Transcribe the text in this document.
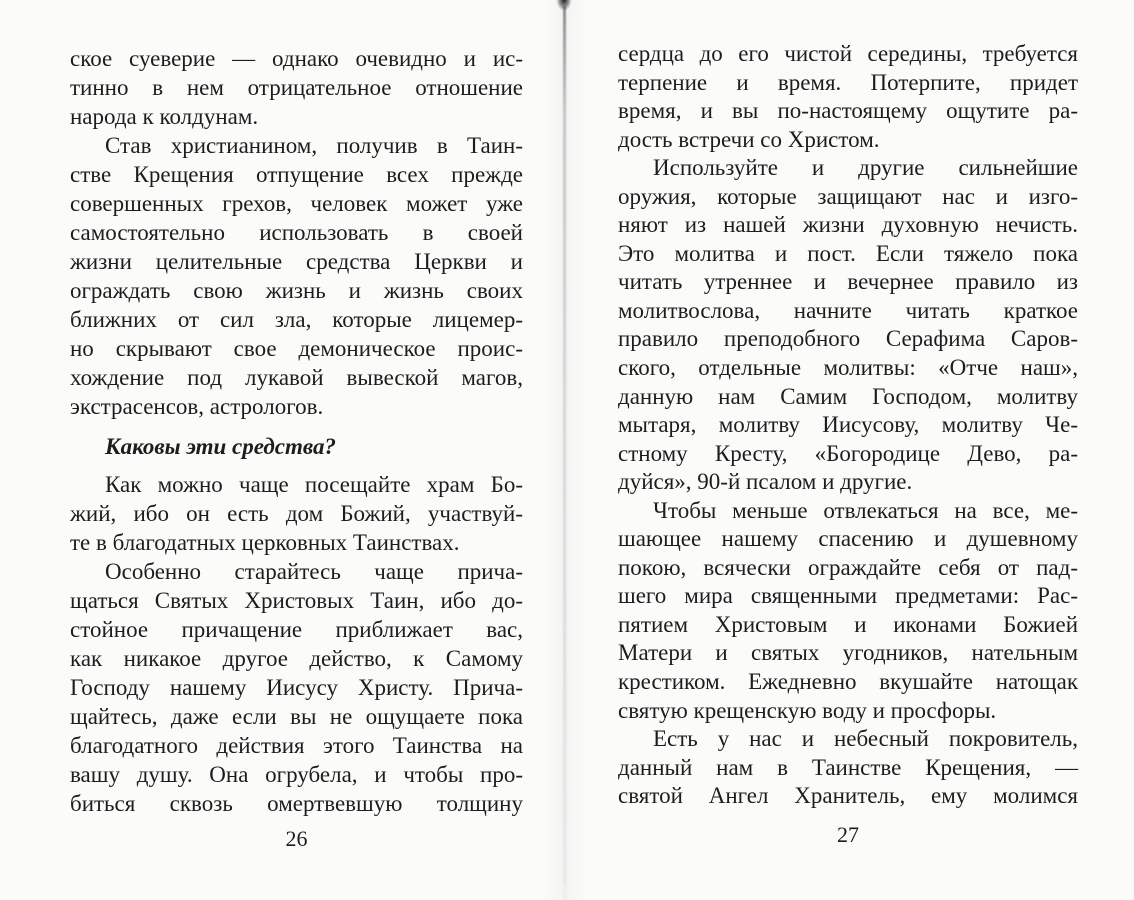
ское суеверие — однако очевидно и ис-
тинно в нем отрицательное отношение
народа к колдунам.
Став христианином, получив в Таин-
стве Крещения отпущение всех прежде
совершенных грехов, человек может уже
самостоятельно использовать в своей
жизни целительные средства Церкви и
ограждать свою жизнь и жизнь своих
ближних от сил зла, которые лицемер-
но скрывают свое демоническое проис-
хождение под лукавой вывеской магов,
экстрасенсов, астрологов.
Каковы эти средства?
Как можно чаще посещайте храм Бо-
жий, ибо он есть дом Божий, участвуй-
те в благодатных церковных Таинствах.
Особенно старайтесь чаще прича-
щаться Святых Христовых Таин, ибо до-
стойное причащение приближает вас,
как никакое другое действо, к Самому
Господу нашему Иисусу Христу. Прича-
щайтесь, даже если вы не ощущаете пока
благодатного действия этого Таинства на
вашу душу. Она огрубела, и чтобы про-
биться сквозь омертвевшую толщину
26
сердца до его чистой середины, требуется
терпение и время. Потерпите, придет
время, и вы по-настоящему ощутите ра-
дость встречи со Христом.
Используйте и другие сильнейшие
оружия, которые защищают нас и изго-
няют из нашей жизни духовную нечисть.
Это молитва и пост. Если тяжело пока
читать утреннее и вечернее правило из
молитвослова, начните читать краткое
правило преподобного Серафима Саров-
ского, отдельные молитвы: «Отче наш»,
данную нам Самим Господом, молитву
мытаря, молитву Иисусову, молитву Че-
стному Кресту, «Богородице Дево, ра-
дуйся», 90-й псалом и другие.
Чтобы меньше отвлекаться на все, ме-
шающее нашему спасению и душевному
покою, всячески ограждайте себя от пад-
шего мира священными предметами: Рас-
пятием Христовым и иконами Божией
Матери и святых угодников, нательным
крестиком. Ежедневно вкушайте натощак
святую крещенскую воду и просфоры.
Есть у нас и небесный покровитель,
данный нам в Таинстве Крещения, —
святой Ангел Хранитель, ему молимся
27
